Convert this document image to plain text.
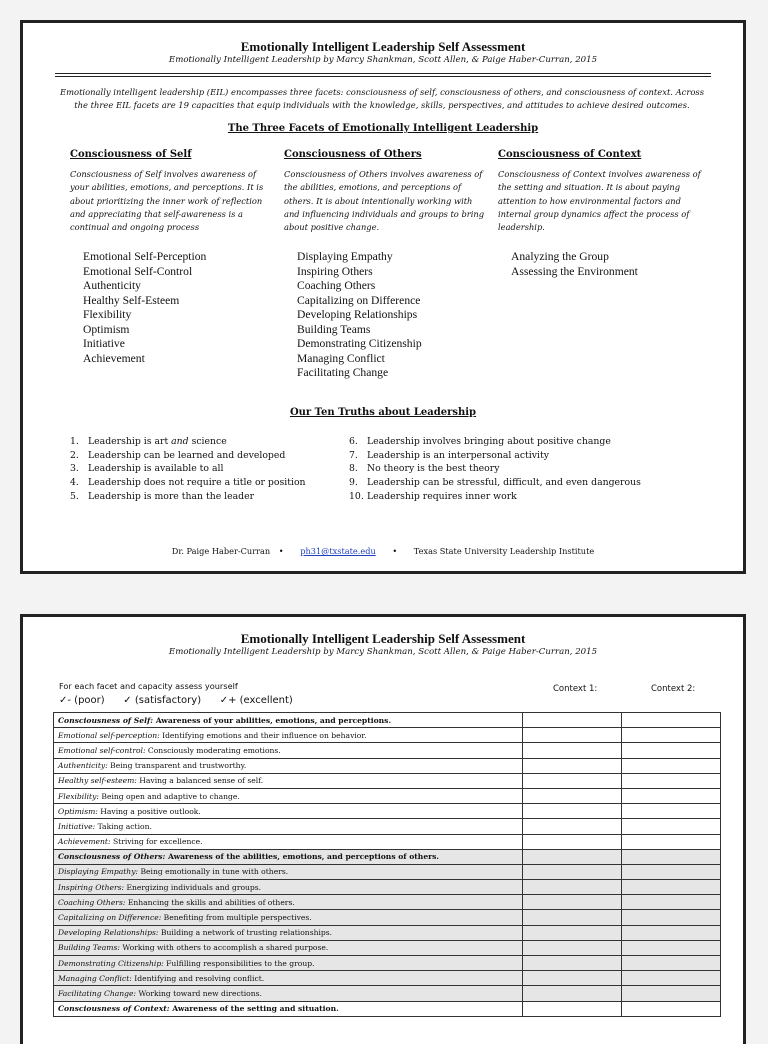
Emotionally Intelligent Leadership Self Assessment
Emotionally Intelligent Leadership by Marcy Shankman, Scott Allen, & Paige Haber-Curran, 2015
Emotionally intelligent leadership (EIL) encompasses three facets: consciousness of self, consciousness of others, and consciousness of context. Across
the three EIL facets are 19 capacities that equip individuals with the knowledge, skills, perspectives, and attitudes to achieve desired outcomes.
The Three Facets of Emotionally Intelligent Leadership
Consciousness of Self
Consciousness of Self involves awareness of your abilities, emotions, and perceptions. It is about prioritizing the inner work of reflection and appreciating that self-awareness is a continual and ongoing process
Emotional Self-Perception
Emotional Self-Control
Authenticity
Healthy Self-Esteem
Flexibility
Optimism
Initiative
Achievement
Consciousness of Others
Consciousness of Others involves awareness of the abilities, emotions, and perceptions of others. It is about intentionally working with and influencing individuals and groups to bring about positive change.
Displaying Empathy
Inspiring Others
Coaching Others
Capitalizing on Difference
Developing Relationships
Building Teams
Demonstrating Citizenship
Managing Conflict
Facilitating Change
Consciousness of Context
Consciousness of Context involves awareness of the setting and situation. It is about paying attention to how environmental factors and internal group dynamics affect the process of leadership.
Analyzing the Group
Assessing the Environment
Our Ten Truths about Leadership
1. Leadership is art and science
2. Leadership can be learned and developed
3. Leadership is available to all
4. Leadership does not require a title or position
5. Leadership is more than the leader
6. Leadership involves bringing about positive change
7. Leadership is an interpersonal activity
8. No theory is the best theory
9. Leadership can be stressful, difficult, and even dangerous
10. Leadership requires inner work
Dr. Paige Haber-Curran • ph31@txstate.edu • Texas State University Leadership Institute
Emotionally Intelligent Leadership Self Assessment
Emotionally Intelligent Leadership by Marcy Shankman, Scott Allen, & Paige Haber-Curran, 2015
For each facet and capacity assess yourself
✓- (poor) ✓ (satisfactory) ✓+ (excellent)
Context 1:	Context 2:
Consciousness of Self: Awareness of your abilities, emotions, and perceptions.		
Emotional self-perception: Identifying emotions and their influence on behavior.		
Emotional self-control: Consciously moderating emotions.		
Authenticity: Being transparent and trustworthy.		
Healthy self-esteem: Having a balanced sense of self.		
Flexibility: Being open and adaptive to change.		
Optimism: Having a positive outlook.		
Initiative: Taking action.		
Achievement: Striving for excellence.		
Consciousness of Others: Awareness of the abilities, emotions, and perceptions of others.		
Displaying Empathy: Being emotionally in tune with others.		
Inspiring Others: Energizing individuals and groups.		
Coaching Others: Enhancing the skills and abilities of others.		
Capitalizing on Difference: Benefiting from multiple perspectives.		
Developing Relationships: Building a network of trusting relationships.		
Building Teams: Working with others to accomplish a shared purpose.		
Demonstrating Citizenship: Fulfilling responsibilities to the group.		
Managing Conflict: Identifying and resolving conflict.		
Facilitating Change: Working toward new directions.		
Consciousness of Context: Awareness of the setting and situation.		
